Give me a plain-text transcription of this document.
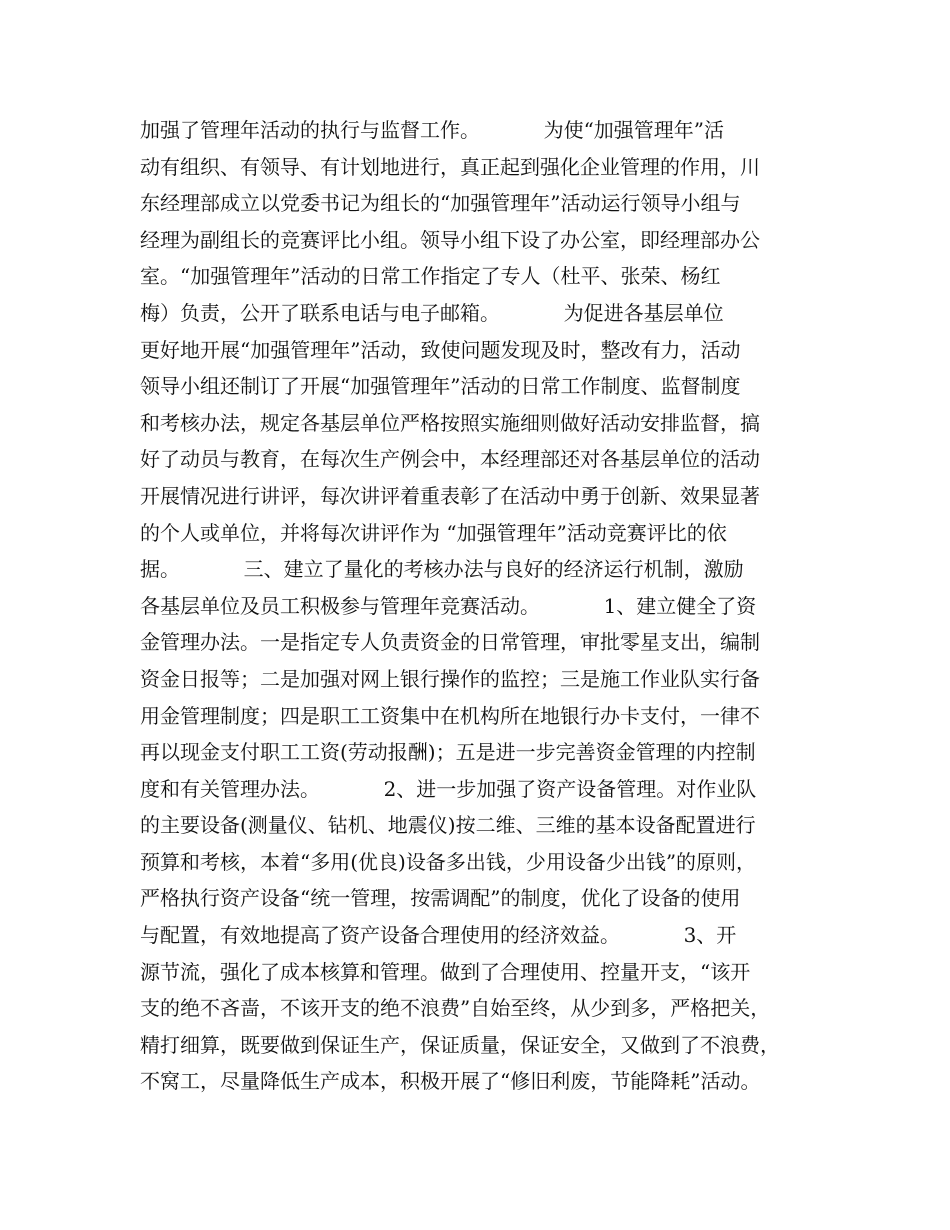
加强了管理年活动的执行与监督工作。          为使“加强管理年”活
动有组织、有领导、有计划地进行，真正起到强化企业管理的作用，川
东经理部成立以党委书记为组长的“加强管理年”活动运行领导小组与
经理为副组长的竞赛评比小组。领导小组下设了办公室，即经理部办公
室。“加强管理年”活动的日常工作指定了专人（杜平、张荣、杨红
梅）负责，公开了联系电话与电子邮箱。          为促进各基层单位
更好地开展“加强管理年”活动，致使问题发现及时，整改有力，活动
领导小组还制订了开展“加强管理年”活动的日常工作制度、监督制度
和考核办法，规定各基层单位严格按照实施细则做好活动安排监督，搞
好了动员与教育，在每次生产例会中，本经理部还对各基层单位的活动
开展情况进行讲评，每次讲评着重表彰了在活动中勇于创新、效果显著
的个人或单位，并将每次讲评作为 “加强管理年”活动竞赛评比的依
据。          三、建立了量化的考核办法与良好的经济运行机制，激励
各基层单位及员工积极参与管理年竞赛活动。          1、建立健全了资
金管理办法。一是指定专人负责资金的日常管理，审批零星支出，编制
资金日报等；二是加强对网上银行操作的监控；三是施工作业队实行备
用金管理制度；四是职工工资集中在机构所在地银行办卡支付，一律不
再以现金支付职工工资(劳动报酬)；五是进一步完善资金管理的内控制
度和有关管理办法。          2、进一步加强了资产设备管理。对作业队
的主要设备(测量仪、钻机、地震仪)按二维、三维的基本设备配置进行
预算和考核，本着“多用(优良)设备多出钱，少用设备少出钱”的原则，
严格执行资产设备“统一管理，按需调配”的制度，优化了设备的使用
与配置，有效地提高了资产设备合理使用的经济效益。          3、开
源节流，强化了成本核算和管理。做到了合理使用、控量开支，“该开
支的绝不吝啬，不该开支的绝不浪费”自始至终，从少到多，严格把关，
精打细算，既要做到保证生产，保证质量，保证安全，又做到了不浪费，
不窝工，尽量降低生产成本，积极开展了“修旧利废，节能降耗”活动。
